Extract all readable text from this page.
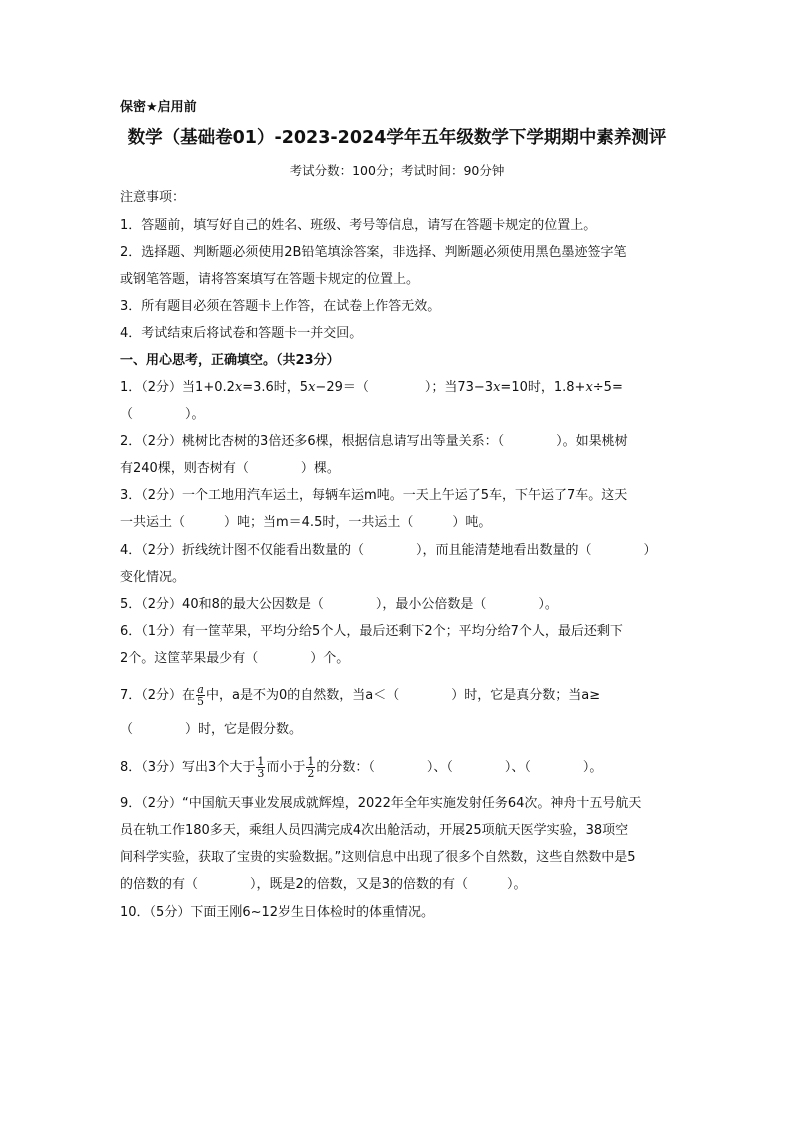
保密★启用前
数学（基础卷01）-2023-2024学年五年级数学下学期期中素养测评
考试分数：100分；考试时间：90分钟
注意事项：
1．答题前，填写好自己的姓名、班级、考号等信息，请写在答题卡规定的位置上。
2．选择题、判断题必须使用2B铅笔填涂答案，非选择、判断题必须使用黑色墨迹签字笔
或钢笔答题，请将答案填写在答题卡规定的位置上。
3．所有题目必须在答题卡上作答，在试卷上作答无效。
4．考试结束后将试卷和答题卡一并交回。
一、用心思考，正确填空。（共23分）
1．（2分）当1+0.2x=3.6时，5x−29＝（	）；当73−3x=10时，1.8+x÷5=
（　　　　）。
2．（2分）桃树比杏树的3倍还多6棵，根据信息请写出等量关系：（　　　　）。如果桃树
有240棵，则杏树有（　　　　）棵。
3．（2分）一个工地用汽车运土，每辆车运m吨。一天上午运了5车，下午运了7车。这天
一共运土（　　　）吨；当m＝4.5时，一共运土（　　　）吨。
4．（2分）折线统计图不仅能看出数量的（　　　　），而且能清楚地看出数量的（　　　　）
变化情况。
5．（2分）40和8的最大公因数是（　　　　），最小公倍数是（　　　　）。
6．（1分）有一筐苹果，平均分给5个人，最后还剩下2个；平均分给7个人，最后还剩下
2个。这筐苹果最少有（　　　　）个。
7．（2分）在 $\frac{a}{5}$ 中，a是不为0的自然数，当a＜（　　　　）时，它是真分数；当a≥
（　　　　）时，它是假分数。
8．（3分）写出3个大于 $\frac{1}{3}$ 而小于 $\frac{1}{2}$ 的分数：（　　　　）、（　　　　）、（　　　　）。
9．（2分）“中国航天事业发展成就辉煌，2022年全年实施发射任务64次。神舟十五号航天
员在轨工作180多天，乘组人员四满完成4次出舱活动，开展25项航天医学实验，38项空
间科学实验，获取了宝贵的实验数据。”这则信息中出现了很多个自然数，这些自然数中是5
的倍数的有（　　　　），既是2的倍数，又是3的倍数的有（　　　）。
10．（5分）下面王刚6~12岁生日体检时的体重情况。
